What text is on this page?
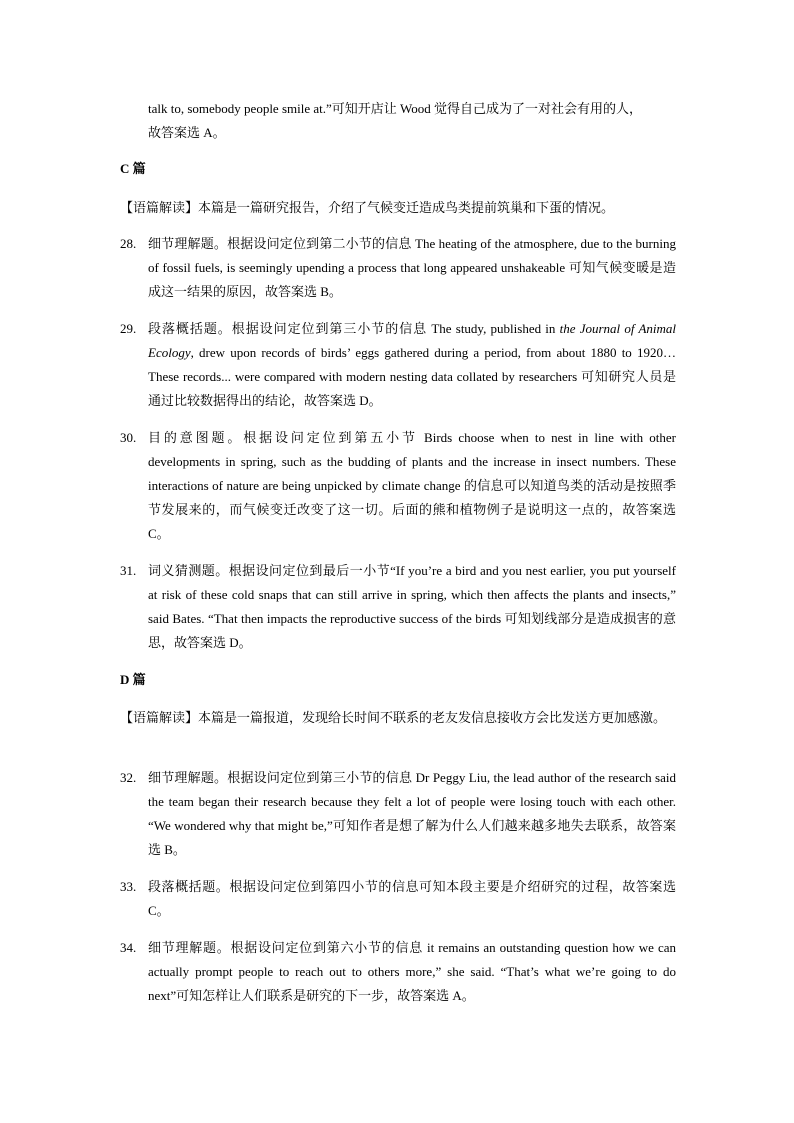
talk to, somebody people smile at.”可知开店让 Wood 觉得自己成为了一对社会有用的人，
故答案选 A。
C 篇
【语篇解读】本篇是一篇研究报告，介绍了气候变迁造成鸟类提前筑巢和下蛋的情况。
28. 细节理解题。根据设问定位到第二小节的信息 The heating of the atmosphere, due to the burning of fossil fuels, is seemingly upending a process that long appeared unshakeable 可知气候变暖是造成这一结果的原因，故答案选 B。
29. 段落概括题。根据设问定位到第三小节的信息 The study, published in the Journal of Animal Ecology, drew upon records of birds’ eggs gathered during a period, from about 1880 to 1920… These records... were compared with modern nesting data collated by researchers 可知研究人员是通过比较数据得出的结论，故答案选 D。
30. 目的意图题。根据设问定位到第五小节 Birds choose when to nest in line with other developments in spring, such as the budding of plants and the increase in insect numbers. These interactions of nature are being unpicked by climate change 的信息可以知道鸟类的活动是按照季节发展来的，而气候变迁改变了这一切。后面的熊和植物例子是说明这一点的，故答案选 C。
31. 词义猜测题。根据设问定位到最后一小节“If you’re a bird and you nest earlier, you put yourself at risk of these cold snaps that can still arrive in spring, which then affects the plants and insects,” said Bates. “That then impacts the reproductive success of the birds 可知划线部分是造成损害的意思，故答案选 D。
D 篇
【语篇解读】本篇是一篇报道，发现给长时间不联系的老友发信息接收方会比发送方更加感激。
32. 细节理解题。根据设问定位到第三小节的信息 Dr Peggy Liu, the lead author of the research said the team began their research because they felt a lot of people were losing touch with each other. “We wondered why that might be,”可知作者是想了解为什么人们越来越多地失去联系，故答案选 B。
33. 段落概括题。根据设问定位到第四小节的信息可知本段主要是介绍研究的过程，故答案选 C。
34. 细节理解题。根据设问定位到第六小节的信息 it remains an outstanding question how we can actually prompt people to reach out to others more,” she said. “That’s what we’re going to do next”可知怎样让人们联系是研究的下一步，故答案选 A。
